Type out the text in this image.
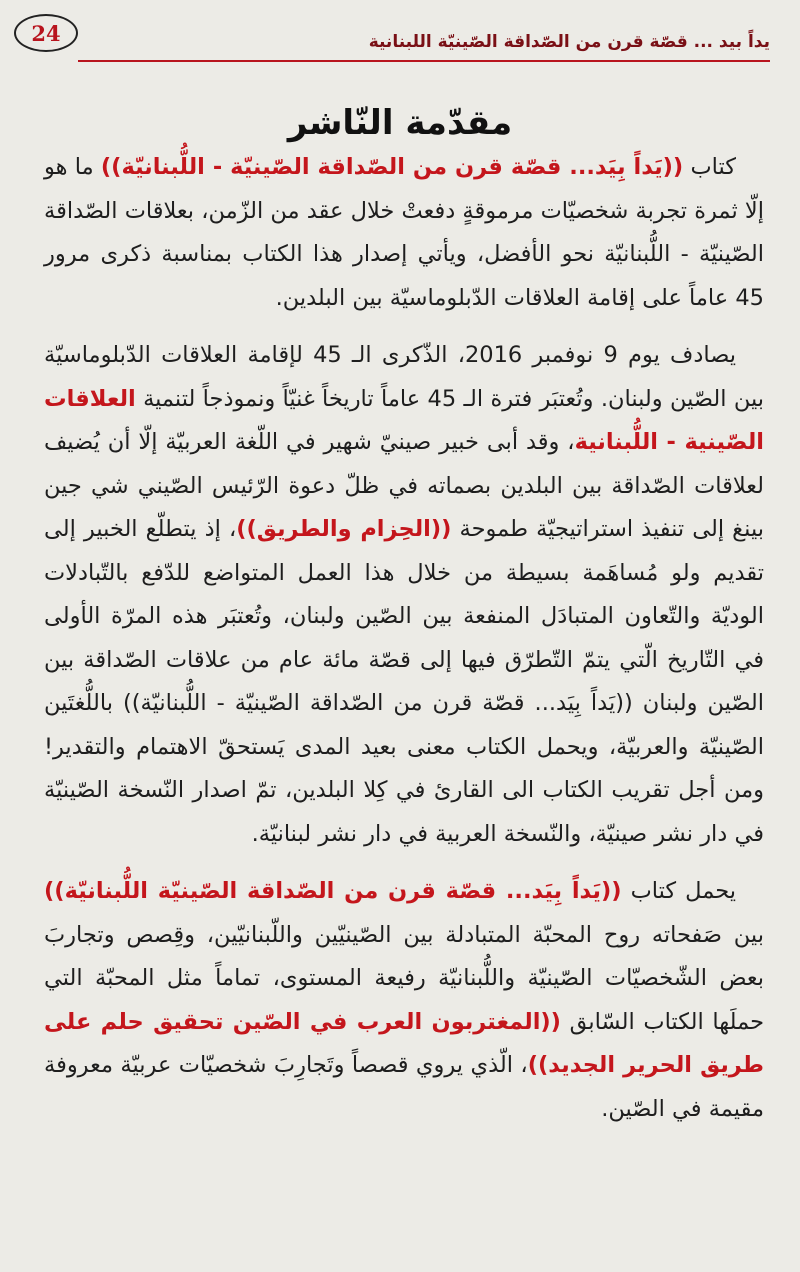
24	يداً بيد ... قصّة قرن من الصّداقة الصّينيّة اللبنانية
مقدّمة النّاشر

كتاب ((يَداً بِيَد... قصّة قرن من الصّداقة الصّينيّة - اللُّبنانيّة)) ما هو إلّا ثمرة تجربة شخصيّات مرموقةٍ دفعتْ خلال عقد من الزّمن، بعلاقات الصّداقة الصّينيّة - اللُّبنانيّة نحو الأفضل، ويأتي إصدار هذا الكتاب بمناسبة ذكرى مرور 45 عاماً على إقامة العلاقات الدّبلوماسيّة بين البلدين.

يصادف يوم 9 نوفمبر 2016، الذّكرى الـ 45 لإقامة العلاقات الدّبلوماسيّة بين الصّين ولبنان. وتُعتبَر فترة الـ 45 عاماً تاريخاً غنيّاً ونموذجاً لتنمية العلاقات الصّينية - اللُّبنانية، وقد أبى خبير صينيّ شهير في اللّغة العربيّة إلّا أن يُضيف لعلاقات الصّداقة بين البلدين بصماته في ظلّ دعوة الرّئيس الصّيني شي جين بينغ إلى تنفيذ استراتيجيّة طموحة ((الحِزام والطريق))، إذ يتطلّع الخبير إلى تقديم ولو مُساهَمة بسيطة من خلال هذا العمل المتواضع للدّفع بالتّبادلات الوديّة والتّعاون المتبادَل المنفعة بين الصّين ولبنان، وتُعتبَر هذه المرّة الأولى في التّاريخ الّتي يتمّ التّطرّق فيها إلى قصّة مائة عام من علاقات الصّداقة بين الصّين ولبنان ((يَداً بِيَد... قصّة قرن من الصّداقة الصّينيّة - اللُّبنانيّة)) باللُّغتَين الصّينيّة والعربيّة، ويحمل الكتاب معنى بعيد المدى يَستحقّ الاهتمام والتقدير! ومن أجل تقريب الكتاب الى القارئ في كِلا البلدين، تمّ اصدار النّسخة الصّينيّة في دار نشر صينيّة، والنّسخة العربية في دار نشر لبنانيّة.

يحمل كتاب ((يَداً بِيَد... قصّة قرن من الصّداقة الصّينيّة اللُّبنانيّة)) بين صَفحاته روح المحبّة المتبادلة بين الصّينيّين واللّبنانيّين، وقِصص وتجاربَ بعض الشّخصيّات الصّينيّة واللُّبنانيّة رفيعة المستوى، تماماً مثل المحبّة التي حملَها الكتاب السّابق ((المغتربون العرب في الصّين تحقيق حلم على طريق الحرير الجديد))، الّذي يروي قصصاً وتَجارِبَ شخصيّات عربيّة معروفة مقيمة في الصّين.
